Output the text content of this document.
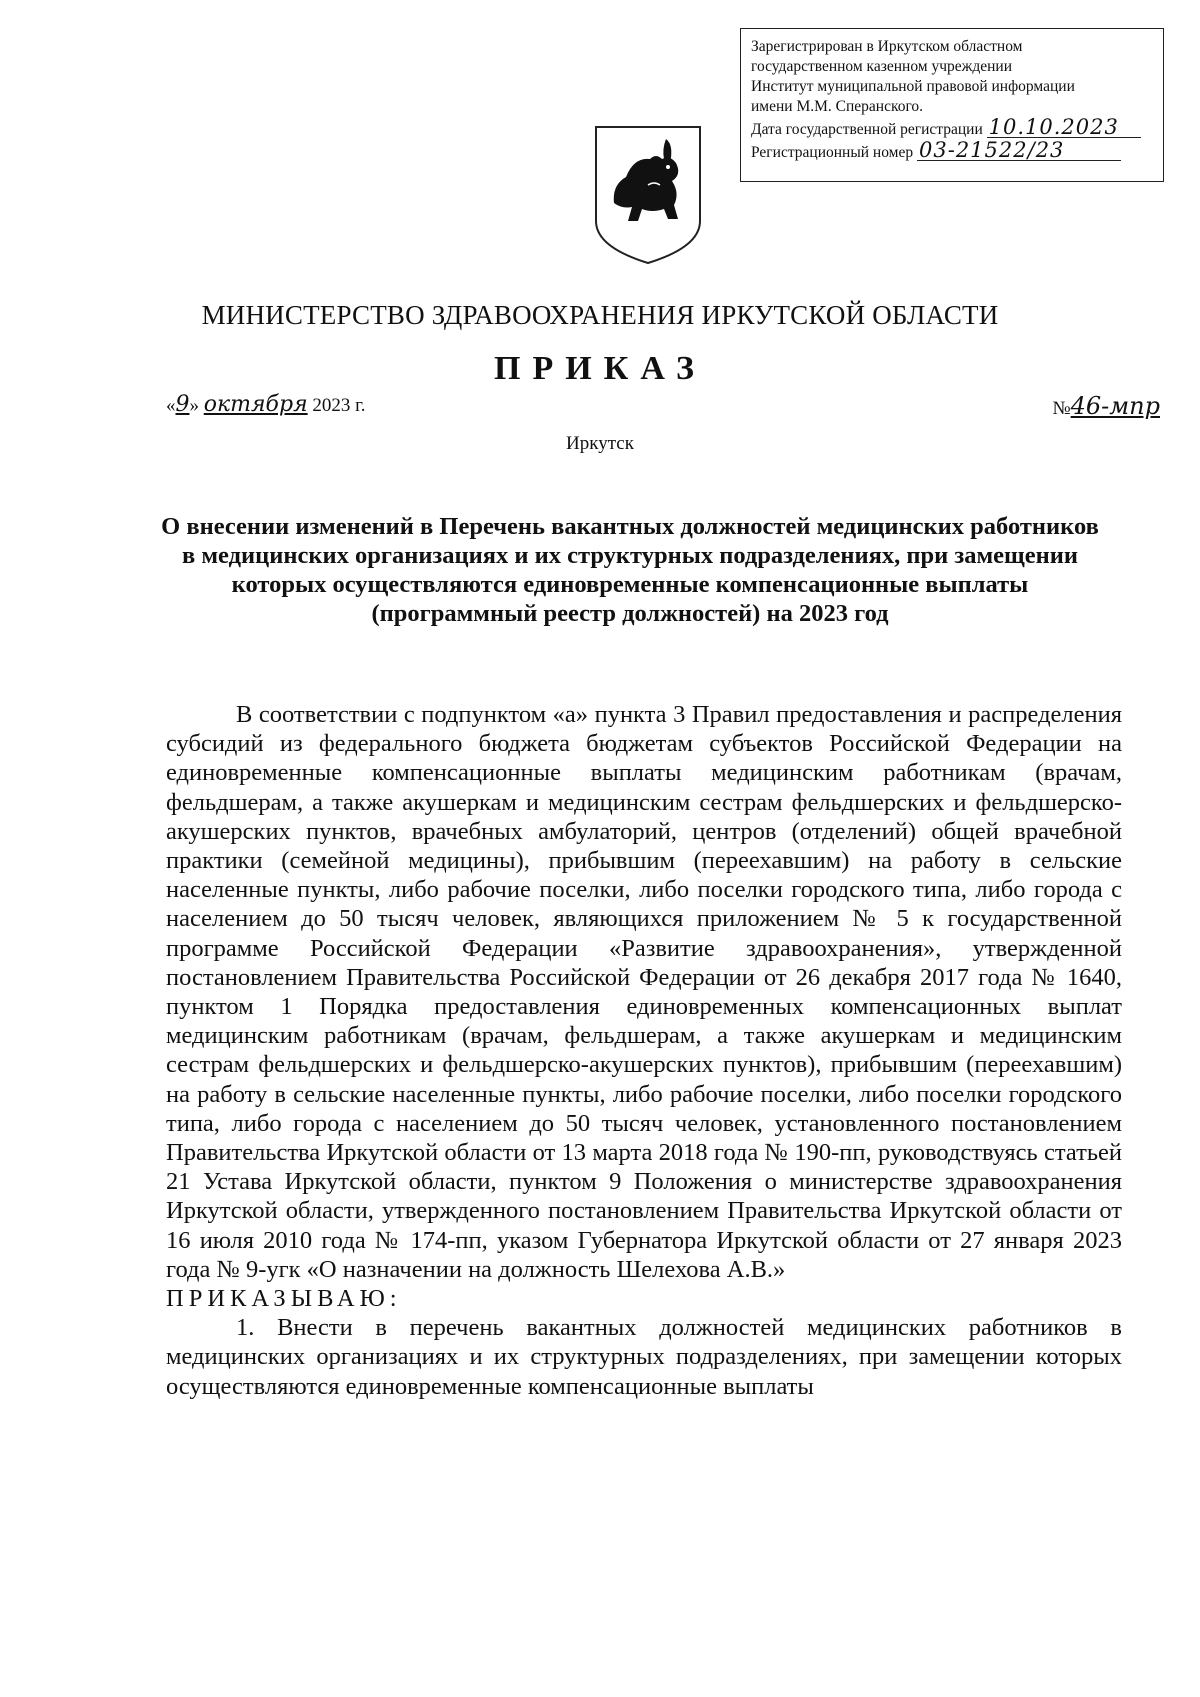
Зарегистрирован в Иркутском областном
государственном казенном учреждении
Институт муниципальной правовой информации
имени М.М. Сперанского.
Дата государственной регистрации 10.10.2023
Регистрационный номер 03-21522/23
МИНИСТЕРСТВО ЗДРАВООХРАНЕНИЯ ИРКУТСКОЙ ОБЛАСТИ
ПРИКАЗ
«9» октября 2023 г.	№46-мпр
Иркутск
О внесении изменений в Перечень вакантных должностей медицинских работников в медицинских организациях и их структурных подразделениях, при замещении которых осуществляются единовременные компенсационные выплаты (программный реестр должностей) на 2023 год

В соответствии с подпунктом «а» пункта 3 Правил предоставления и распределения субсидий из федерального бюджета бюджетам субъектов Российской Федерации на единовременные компенсационные выплаты медицинским работникам (врачам, фельдшерам, а также акушеркам и медицинским сестрам фельдшерских и фельдшерско-акушерских пунктов, врачебных амбулаторий, центров (отделений) общей врачебной практики (семейной медицины), прибывшим (переехавшим) на работу в сельские населенные пункты, либо рабочие поселки, либо поселки городского типа, либо города с населением до 50 тысяч человек, являющихся приложением № 5 к государственной программе Российской Федерации «Развитие здравоохранения», утвержденной постановлением Правительства Российской Федерации от 26 декабря 2017 года № 1640, пунктом 1 Порядка предоставления единовременных компенсационных выплат медицинским работникам (врачам, фельдшерам, а также акушеркам и медицинским сестрам фельдшерских и фельдшерско-акушерских пунктов), прибывшим (переехавшим) на работу в сельские населенные пункты, либо рабочие поселки, либо поселки городского типа, либо города с населением до 50 тысяч человек, установленного постановлением Правительства Иркутской области от 13 марта 2018 года № 190-пп, руководствуясь статьей 21 Устава Иркутской области, пунктом 9 Положения о министерстве здравоохранения Иркутской области, утвержденного постановлением Правительства Иркутской области от 16 июля 2010 года № 174-пп, указом Губернатора Иркутской области от 27 января 2023 года № 9-угк «О назначении на должность Шелехова А.В.»

ПРИКАЗЫВАЮ:

1. Внести в перечень вакантных должностей медицинских работников в медицинских организациях и их структурных подразделениях, при замещении которых осуществляются единовременные компенсационные выплаты
